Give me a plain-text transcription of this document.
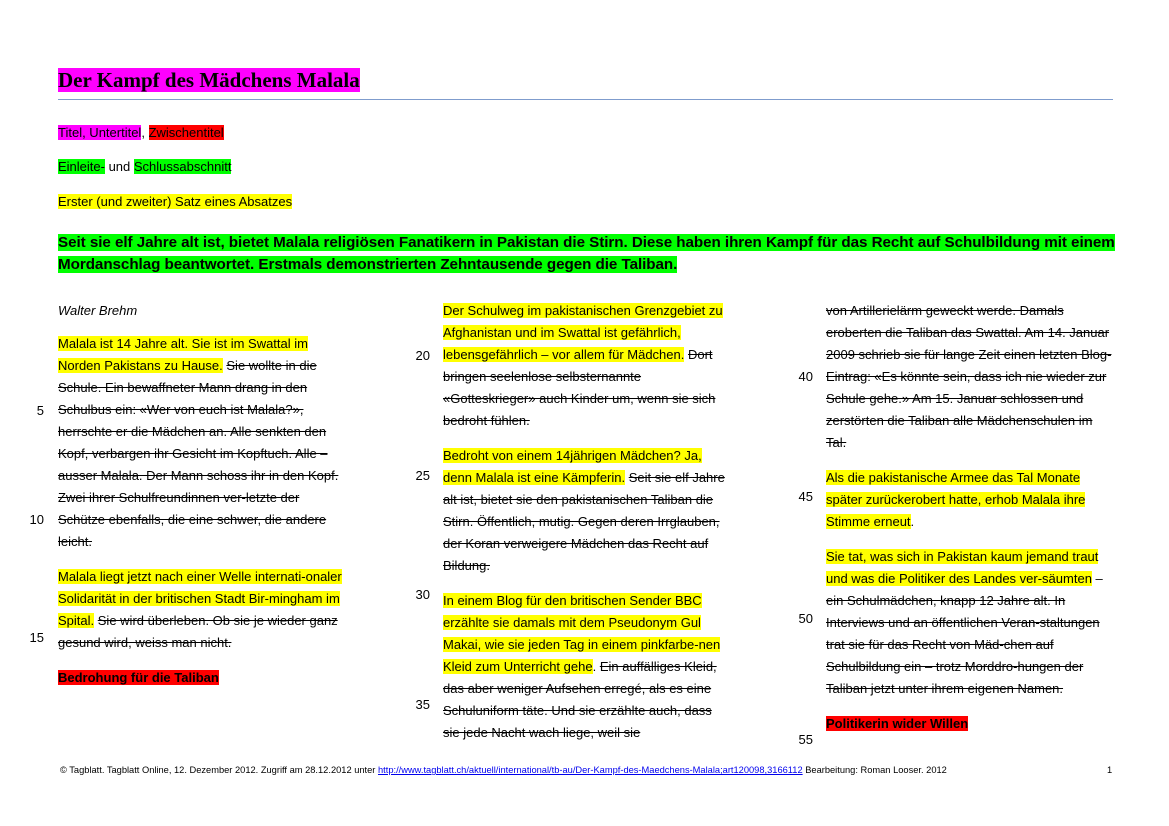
Der Kampf des Mädchens Malala
Titel, Untertitel, Zwischentitel
Einleite- und Schlussabschnitt
Erster (und zweiter) Satz eines Absatzes
Seit sie elf Jahre alt ist, bietet Malala religiösen Fanatikern in Pakistan die Stirn. Diese haben ihren Kampf für das Recht auf Schulbildung mit einem Mordanschlag beantwortet. Erstmals demonstrierten Zehntausende gegen die Taliban.

Walter Brehm

Malala ist 14 Jahre alt. Sie ist im Swattal im Norden Pakistans zu Hause. Sie wollte in die Schule. Ein bewaffneter Mann drang in den Schulbus ein: «Wer von euch ist Malala?», herrschte er die Mädchen an. Alle senkten den Kopf, verbargen ihr Gesicht im Kopftuch. Alle – ausser Malala. Der Mann schoss ihr in den Kopf. Zwei ihrer Schulfreundinnen ver-letzte der Schütze ebenfalls, die eine schwer, die andere leicht.

Malala liegt jetzt nach einer Welle internati-onaler Solidarität in der britischen Stadt Bir-mingham im Spital. Sie wird überleben. Ob sie je wieder ganz gesund wird, weiss man nicht.

Bedrohung für die Taliban

Der Schulweg im pakistanischen Grenzgebiet zu Afghanistan und im Swattal ist gefährlich, lebensgefährlich – vor allem für Mädchen. Dort bringen seelenlose selbsternannte «Gotteskrieger» auch Kinder um, wenn sie sich bedroht fühlen.

Bedroht von einem 14jährigen Mädchen? Ja, denn Malala ist eine Kämpferin. Seit sie elf Jahre alt ist, bietet sie den pakistanischen Taliban die Stirn. Öffentlich, mutig. Gegen deren Irrglauben, der Koran verweigere Mädchen das Recht auf Bildung.

In einem Blog für den britischen Sender BBC erzählte sie damals mit dem Pseudonym Gul Makai, wie sie jeden Tag in einem pinkfarbe-nen Kleid zum Unterricht gehe. Ein auffälliges Kleid, das aber weniger Aufsehen erregé, als es eine Schuluniform täte. Und sie erzählte auch, dass sie jede Nacht wach liege, weil sie

von Artillerielärm geweckt werde. Damals eroberten die Taliban das Swattal. Am 14. Januar 2009 schrieb sie für lange Zeit einen letzten Blog-Eintrag: «Es könnte sein, dass ich nie wieder zur Schule gehe.» Am 15. Januar schlossen und zerstörten die Taliban alle Mädchenschulen im Tal.

Als die pakistanische Armee das Tal Monate später zurückerobert hatte, erhob Malala ihre Stimme erneut.

Sie tat, was sich in Pakistan kaum jemand traut und was die Politiker des Landes ver-säumten – ein Schulmädchen, knapp 12 Jahre alt. In Interviews und an öffentlichen Veran-staltungen trat sie für das Recht von Mäd-chen auf Schulbildung ein – trotz Morddro-hungen der Taliban jetzt unter ihrem eigenen Namen.

Politikerin wider Willen

5
10
15
20
25
30
35
40
45
50
55
© Tagblatt. Tagblatt Online, 12. Dezember 2012. Zugriff am 28.12.2012 unter http://www.tagblatt.ch/aktuell/international/tb-au/Der-Kampf-des-Maedchens-Malala;art120098,3166112 Bearbeitung: Roman Looser. 2012	1
